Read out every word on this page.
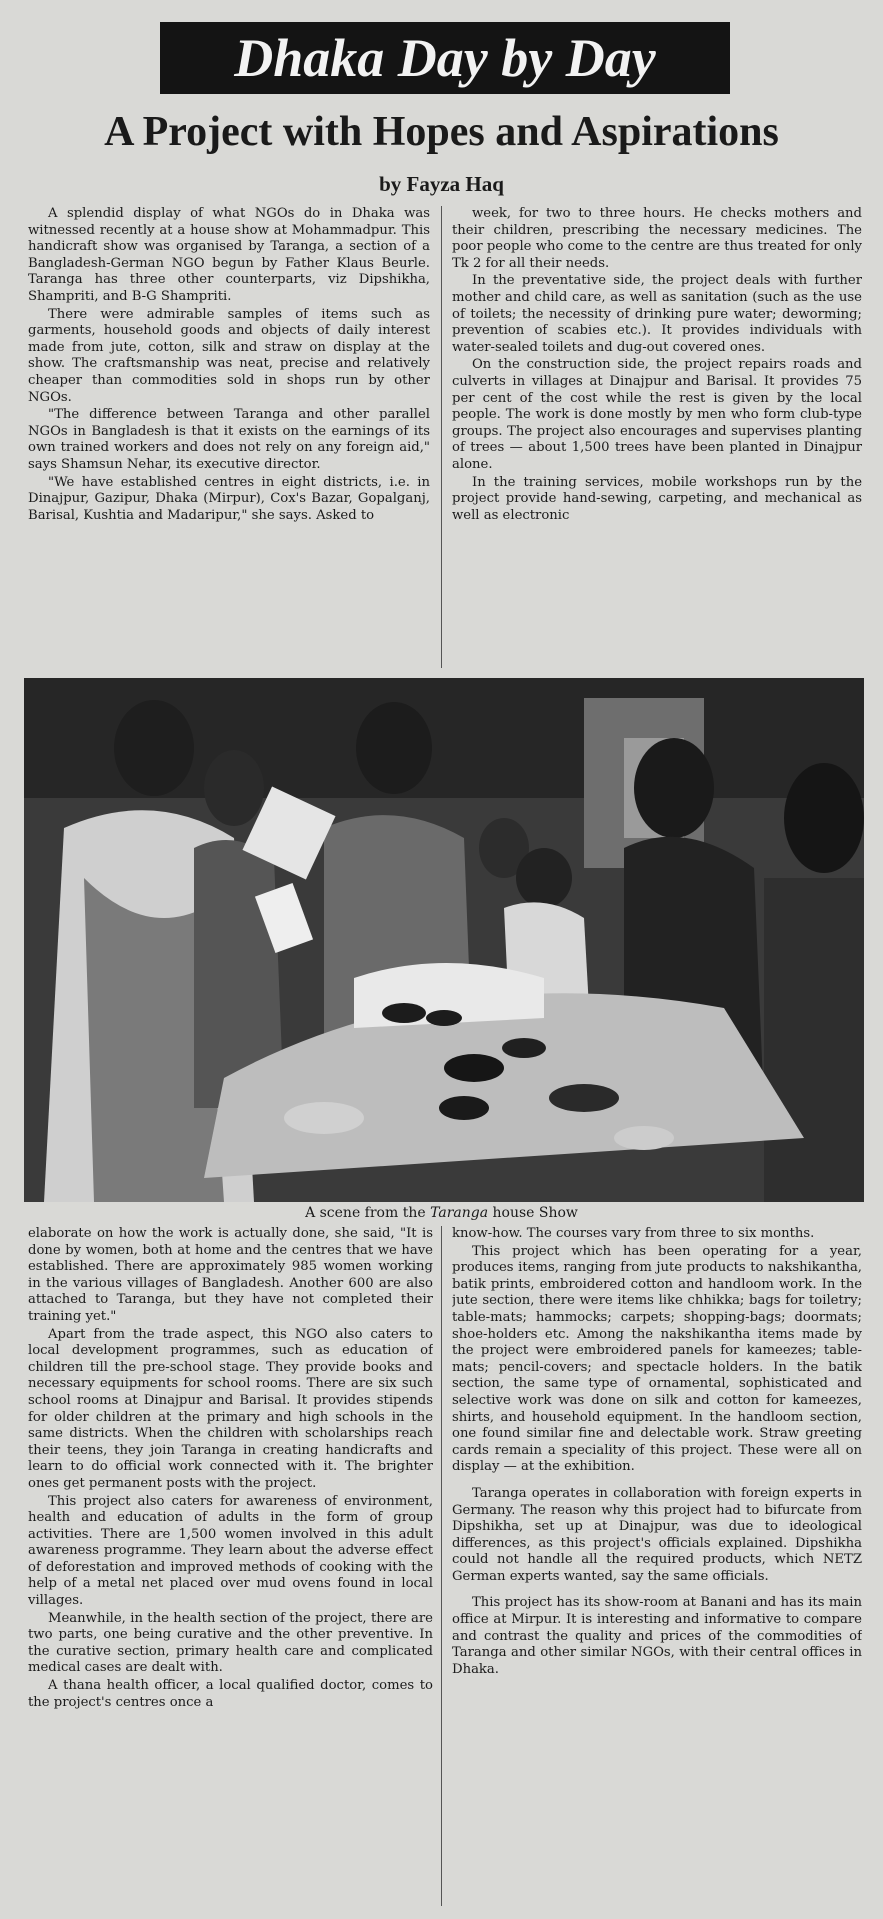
Dhaka Day by Day
A Project with Hopes and Aspirations
by Fayza Haq

A splendid display of what NGOs do in Dhaka was witnessed recently at a house show at Mohammadpur. This handicraft show was organised by Taranga, a section of a Bangladesh-German NGO begun by Father Klaus Beurle. Taranga has three other counterparts, viz Dipshikha, Shampriti, and B-G Shampriti.

There were admirable samples of items such as garments, household goods and objects of daily interest made from jute, cotton, silk and straw on display at the show. The craftsmanship was neat, precise and relatively cheaper than commodities sold in shops run by other NGOs.

"The difference between Taranga and other parallel NGOs in Bangladesh is that it exists on the earnings of its own trained workers and does not rely on any foreign aid," says Shamsun Nehar, its executive director.

"We have established centres in eight districts, i.e. in Dinajpur, Gazipur, Dhaka (Mirpur), Cox's Bazar, Gopalganj, Barisal, Kushtia and Madaripur," she says. Asked to

week, for two to three hours. He checks mothers and their children, prescribing the necessary medicines. The poor people who come to the centre are thus treated for only Tk 2 for all their needs.

In the preventative side, the project deals with further mother and child care, as well as sanitation (such as the use of toilets; the necessity of drinking pure water; deworming; prevention of scabies etc.). It provides individuals with water-sealed toilets and dug-out covered ones.

On the construction side, the project repairs roads and culverts in villages at Dinajpur and Barisal. It provides 75 per cent of the cost while the rest is given by the local people. The work is done mostly by men who form club-type groups. The project also encourages and supervises planting of trees — about 1,500 trees have been planted in Dinajpur alone.

In the training services, mobile workshops run by the project provide hand-sewing, carpeting, and mechanical as well as electronic

A scene from the Taranga house Show

elaborate on how the work is actually done, she said, "It is done by women, both at home and the centres that we have established. There are approximately 985 women working in the various villages of Bangladesh. Another 600 are also attached to Taranga, but they have not completed their training yet."

Apart from the trade aspect, this NGO also caters to local development programmes, such as education of children till the pre-school stage. They provide books and necessary equipments for school rooms. There are six such school rooms at Dinajpur and Barisal. It provides stipends for older children at the primary and high schools in the same districts. When the children with scholarships reach their teens, they join Taranga in creating handicrafts and learn to do official work connected with it. The brighter ones get permanent posts with the project.

This project also caters for awareness of environment, health and education of adults in the form of group activities. There are 1,500 women involved in this adult awareness programme. They learn about the adverse effect of deforestation and improved methods of cooking with the help of a metal net placed over mud ovens found in local villages.

Meanwhile, in the health section of the project, there are two parts, one being curative and the other preventive. In the curative section, primary health care and complicated medical cases are dealt with.

A thana health officer, a local qualified doctor, comes to the project's centres once a

know-how. The courses vary from three to six months.

This project which has been operating for a year, produces items, ranging from jute products to nakshikantha, batik prints, embroidered cotton and handloom work. In the jute section, there were items like chhikka; bags for toiletry; table-mats; hammocks; carpets; shopping-bags; doormats; shoe-holders etc. Among the nakshikantha items made by the project were embroidered panels for kameezes; table-mats; pencil-covers; and spectacle holders. In the batik section, the same type of ornamental, sophisticated and selective work was done on silk and cotton for kameezes, shirts, and household equipment. In the handloom section, one found similar fine and delectable work. Straw greeting cards remain a speciality of this project. These were all on display — at the exhibition.

Taranga operates in collaboration with foreign experts in Germany. The reason why this project had to bifurcate from Dipshikha, set up at Dinajpur, was due to ideological differences, as this project's officials explained. Dipshikha could not handle all the required products, which NETZ German experts wanted, say the same officials.

This project has its show-room at Banani and has its main office at Mirpur. It is interesting and informative to compare and contrast the quality and prices of the commodities of Taranga and other similar NGOs, with their central offices in Dhaka.
